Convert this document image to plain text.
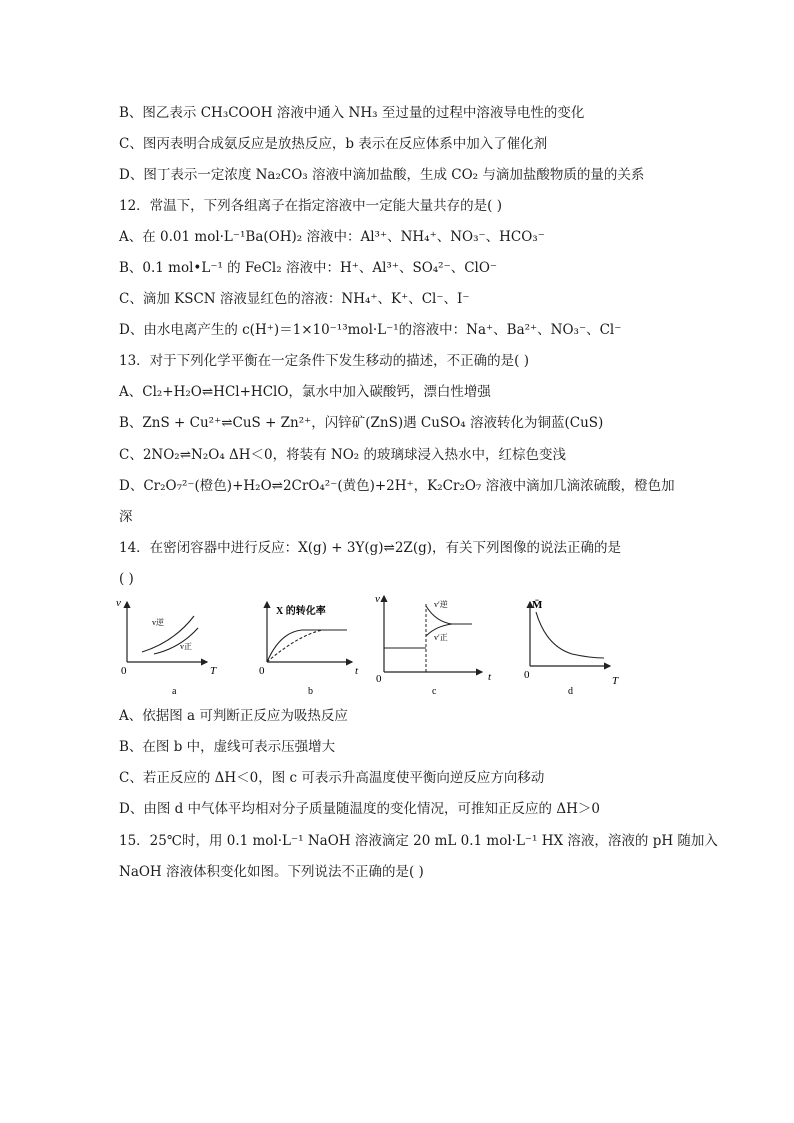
B、图乙表示 CH₃COOH 溶液中通入 NH₃ 至过量的过程中溶液导电性的变化
C、图丙表明合成氨反应是放热反应，b 表示在反应体系中加入了催化剂
D、图丁表示一定浓度 Na₂CO₃ 溶液中滴加盐酸，生成 CO₂ 与滴加盐酸物质的量的关系
12．常温下，下列各组离子在指定溶液中一定能大量共存的是( )
A、在 0.01 mol·L⁻¹Ba(OH)₂ 溶液中：Al³⁺、NH₄⁺、NO₃⁻、HCO₃⁻
B、0.1 mol•L⁻¹ 的 FeCl₂ 溶液中：H⁺、Al³⁺、SO₄²⁻、ClO⁻
C、滴加 KSCN 溶液显红色的溶液：NH₄⁺、K⁺、Cl⁻、I⁻
D、由水电离产生的 c(H⁺)＝1×10⁻¹³mol·L⁻¹的溶液中：Na⁺、Ba²⁺、NO₃⁻、Cl⁻
13．对于下列化学平衡在一定条件下发生移动的描述，不正确的是( )
A、Cl₂+H₂O⇌HCl+HClO，氯水中加入碳酸钙，漂白性增强
B、ZnS + Cu²⁺⇌CuS + Zn²⁺，闪锌矿(ZnS)遇 CuSO₄ 溶液转化为铜蓝(CuS)
C、2NO₂⇌N₂O₄ ΔH＜0，将装有 NO₂ 的玻璃球浸入热水中，红棕色变浅
D、Cr₂O₇²⁻(橙色)+H₂O⇌2CrO₄²⁻(黄色)+2H⁺，K₂Cr₂O₇ 溶液中滴加几滴浓硫酸，橙色加
深
14．在密闭容器中进行反应：X(g) + 3Y(g)⇌2Z(g)，有关下列图像的说法正确的是
( )
v
T
0
v逆
v正
a
X 的转化率
t
0
b
v
t
0
v′逆
v′正
c
M̄
T
0
d
A、依据图 a 可判断正反应为吸热反应
B、在图 b 中，虚线可表示压强增大
C、若正反应的 ΔH＜0，图 c 可表示升高温度使平衡向逆反应方向移动
D、由图 d 中气体平均相对分子质量随温度的变化情况，可推知正反应的 ΔH＞0
15．25℃时，用 0.1 mol·L⁻¹ NaOH 溶液滴定 20 mL 0.1 mol·L⁻¹ HX 溶液，溶液的 pH 随加入
NaOH 溶液体积变化如图。下列说法不正确的是( )
